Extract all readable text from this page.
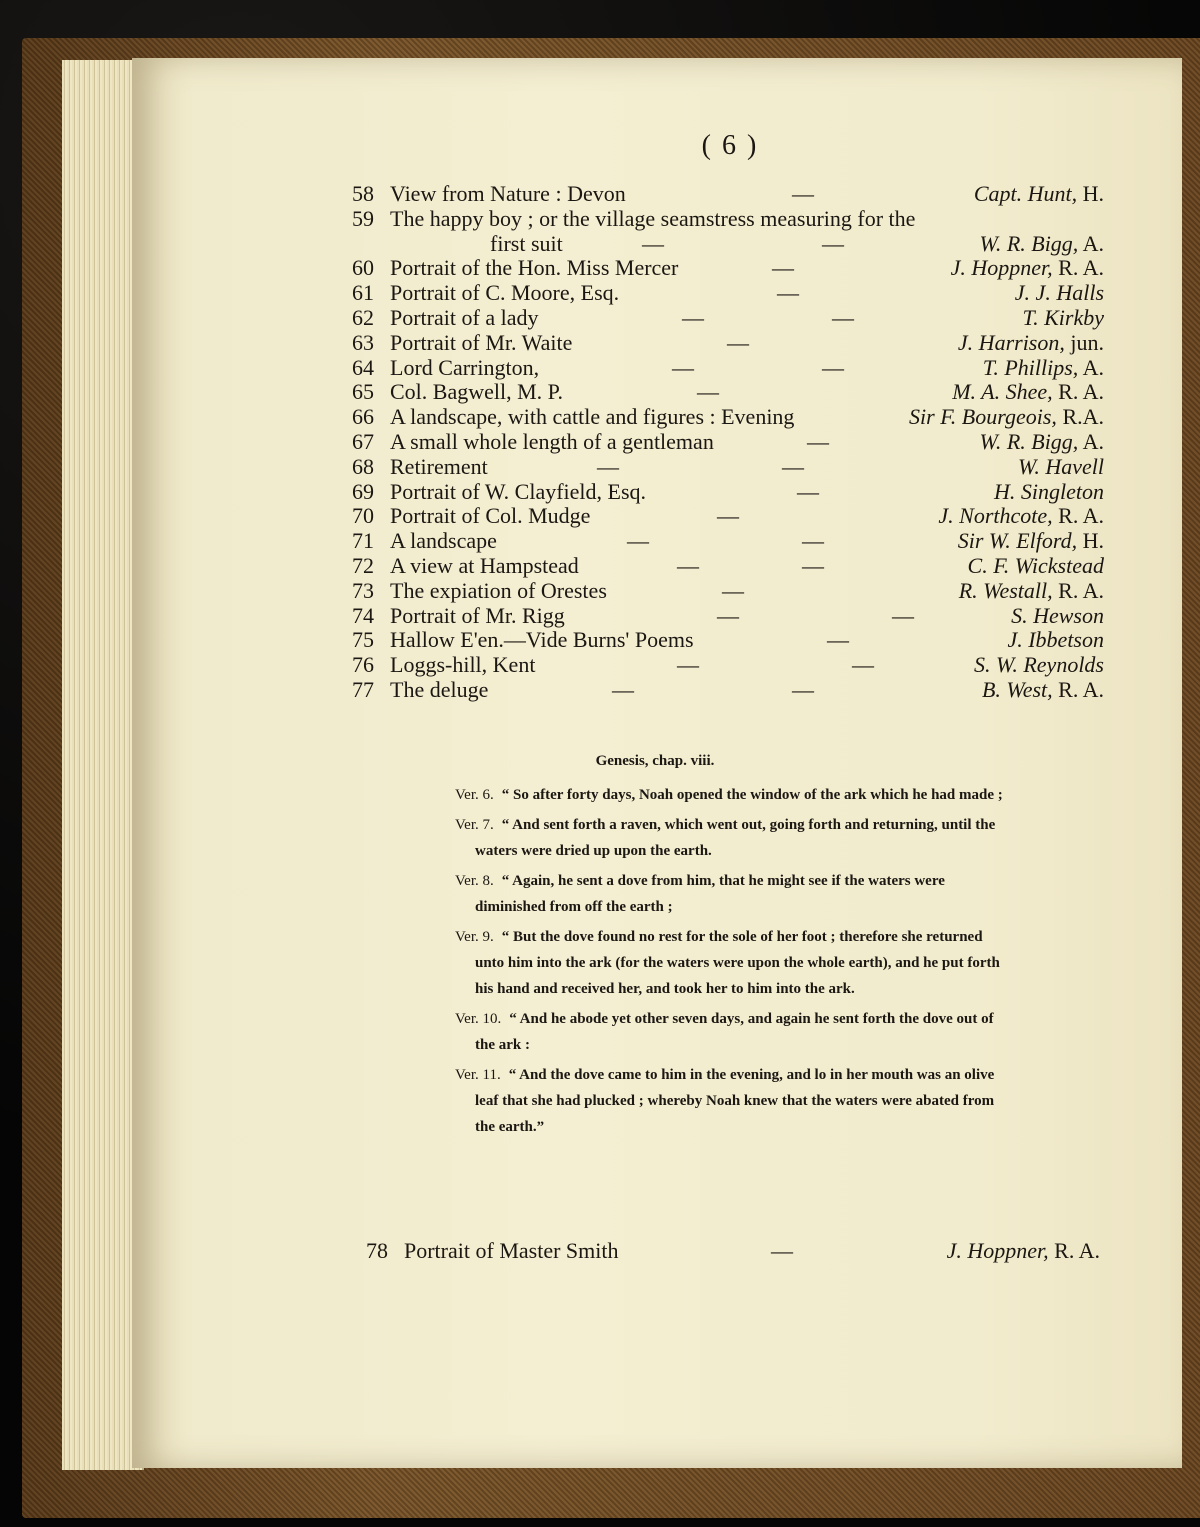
( 6 )
58 View from Nature : Devon	—	Capt. Hunt, H.
59 The happy boy ; or the village seamstress measuring for the
first suit	—	—	W. R. Bigg, A.
60 Portrait of the Hon. Miss Mercer	—	J. Hoppner, R. A.
61 Portrait of C. Moore, Esq.	—	J. J. Halls
62 Portrait of a lady	—	—	T. Kirkby
63 Portrait of Mr. Waite	—	J. Harrison, jun.
64 Lord Carrington,	—	—	T. Phillips, A.
65 Col. Bagwell, M. P.	—	M. A. Shee, R. A.
66 A landscape, with cattle and figures : Evening	Sir F. Bourgeois, R.A.
67 A small whole length of a gentleman	—	W. R. Bigg, A.
68 Retirement	—	—	W. Havell
69 Portrait of W. Clayfield, Esq.	—	H. Singleton
70 Portrait of Col. Mudge	—	J. Northcote, R. A.
71 A landscape	—	—	Sir W. Elford, H.
72 A view at Hampstead	—	—	C. F. Wickstead
73 The expiation of Orestes	—	R. Westall, R. A.
74 Portrait of Mr. Rigg	—	—	S. Hewson
75 Hallow E'en.—Vide Burns' Poems	—	J. Ibbetson
76 Loggs-hill, Kent	—	—	S. W. Reynolds
77 The deluge	—	—	B. West, R. A.
Genesis, chap. viii.
Ver. 6. “ So after forty days, Noah opened the window of the ark which he had made ;
Ver. 7. “ And sent forth a raven, which went out, going forth and returning, until the waters were dried up upon the earth.
Ver. 8. “ Again, he sent a dove from him, that he might see if the waters were diminished from off the earth ;
Ver. 9. “ But the dove found no rest for the sole of her foot ; therefore she returned unto him into the ark (for the waters were upon the whole earth), and he put forth his hand and received her, and took her to him into the ark.
Ver. 10. “ And he abode yet other seven days, and again he sent forth the dove out of the ark :
Ver. 11. “ And the dove came to him in the evening, and lo in her mouth was an olive leaf that she had plucked ; whereby Noah knew that the waters were abated from the earth.”
78 Portrait of Master Smith	—	J. Hoppner, R. A.
